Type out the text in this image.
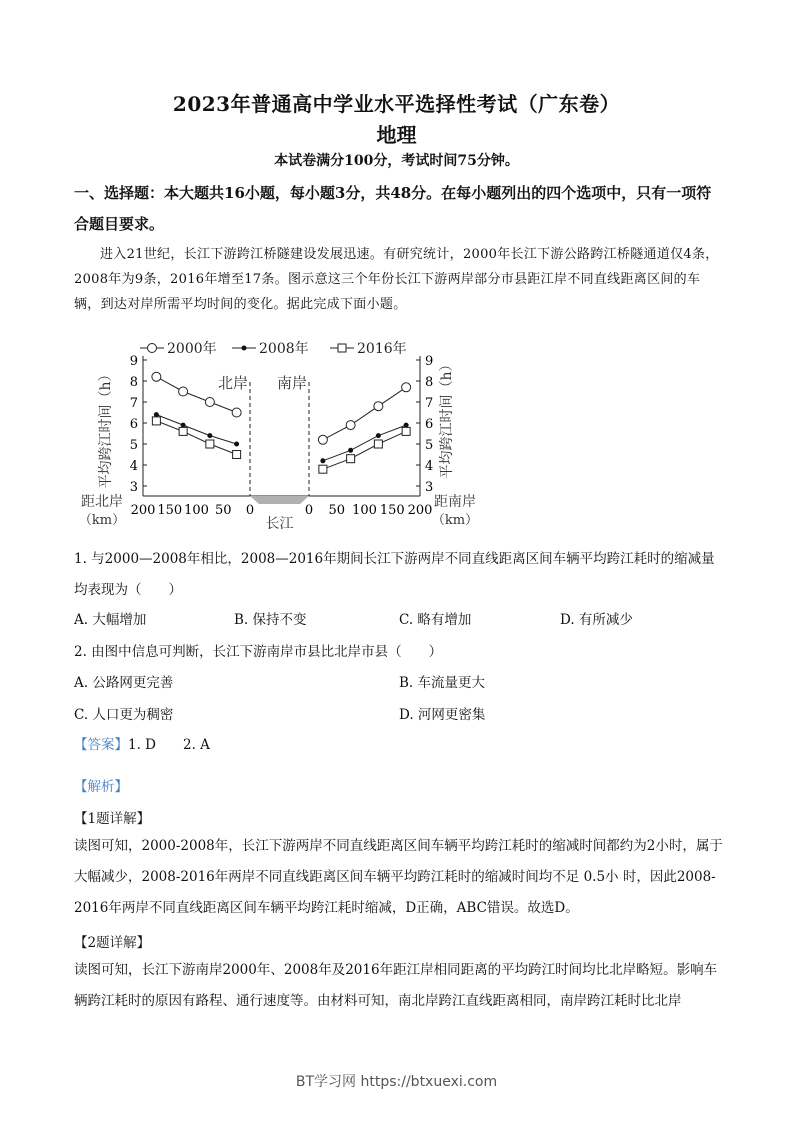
2023年普通高中学业水平选择性考试（广东卷）
地理
本试卷满分100分，考试时间75分钟。
一、选择题：本大题共16小题，每小题3分，共48分。在每小题列出的四个选项中，只有一项符合题目要求。
进入21世纪，长江下游跨江桥隧建设发展迅速。有研究统计，2000年长江下游公路跨江桥隧通道仅4条，2008年为9条，2016年增至17条。图示意这三个年份长江下游两岸部分市县距江岸不同直线距离区间的车辆，到达对岸所需平均时间的变化。据此完成下面小题。
3	3
4	4
5	5
6	6
7	7
8	8
9	9
200 150 100 50 0	0 50 100 150 200
北岸 南岸
长江
平均跨江时间（h）	平均跨江时间（h）
距北岸
（km）
距南岸
（km）
2000年	2008年	2016年
1. 与2000—2008年相比，2008—2016年期间长江下游两岸不同直线距离区间车辆平均跨江耗时的缩减量均表现为（　　）
A. 大幅增加	B. 保持不变	C. 略有增加	D. 有所减少
2. 由图中信息可判断，长江下游南岸市县比北岸市县（　　）
A. 公路网更完善	B. 车流量更大
C. 人口更为稠密	D. 河网更密集
【答案】1. D　　2. A
【解析】
【1题详解】
读图可知，2000-2008年，长江下游两岸不同直线距离区间车辆平均跨江耗时的缩减时间都约为2小时，属于大幅减少，2008-2016年两岸不同直线距离区间车辆平均跨江耗时的缩减时间均不足 0.5小 时，因此2008-2016年两岸不同直线距离区间车辆平均跨江耗时缩减，D正确，ABC错误。故选D。
【2题详解】
读图可知，长江下游南岸2000年、2008年及2016年距江岸相同距离的平均跨江时间均比北岸略短。影响车辆跨江耗时的原因有路程、通行速度等。由材料可知，南北岸跨江直线距离相同，南岸跨江耗时比北岸
BT学习网 https://btxuexi.com
